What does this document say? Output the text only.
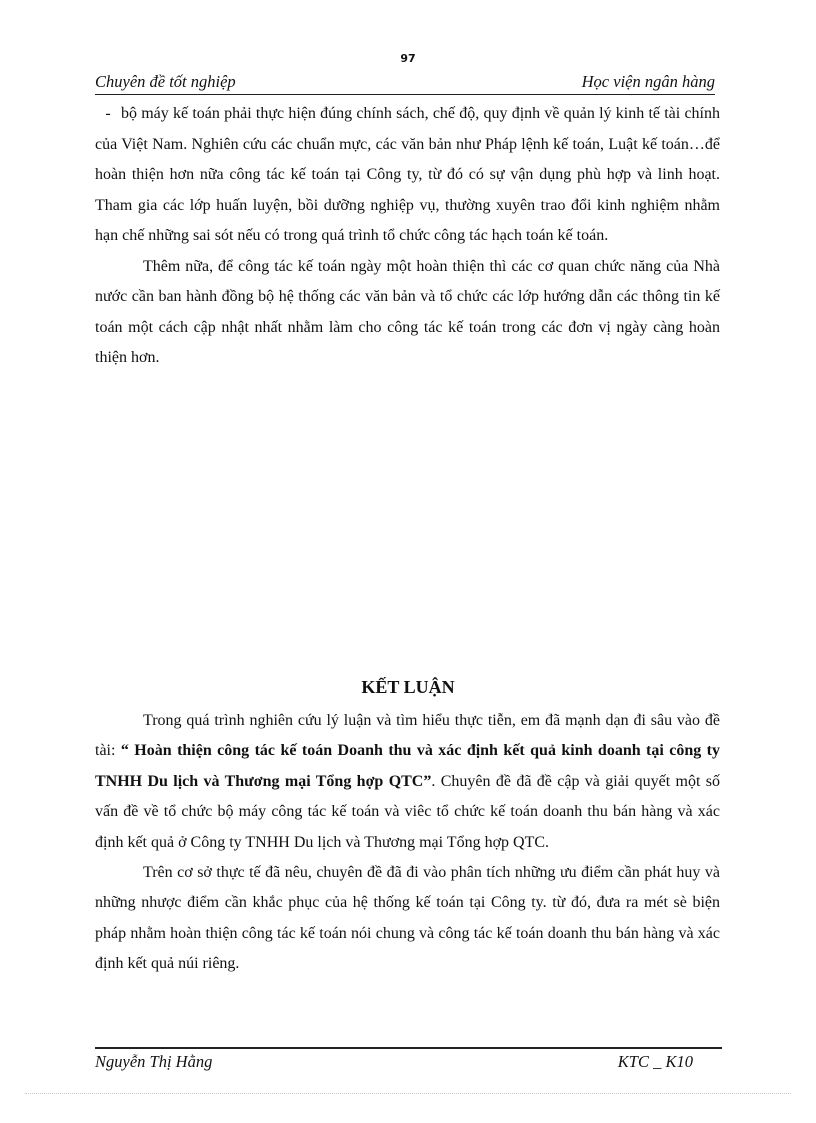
97
Chuyên đề tốt nghiệp	Học viện ngân hàng

- bộ máy kế toán phải thực hiện đúng chính sách, chế độ, quy định về quản lý kinh tế tài chính của Việt Nam. Nghiên cứu các chuẩn mực, các văn bản như Pháp lệnh kế toán, Luật kế toán…để hoàn thiện hơn nữa công tác kế toán tại Công ty, từ đó có sự vận dụng phù hợp và linh hoạt. Tham gia các lớp huấn luyện, bồi dưỡng nghiệp vụ, thường xuyên trao đổi kinh nghiệm nhằm hạn chế những sai sót nếu có trong quá trình tổ chức công tác hạch toán kế toán.

Thêm nữa, để công tác kế toán ngày một hoàn thiện thì các cơ quan chức năng của Nhà nước cần ban hành đồng bộ hệ thống các văn bản và tổ chức các lớp hướng dẫn các thông tin kế toán một cách cập nhật nhất nhằm làm cho công tác kế toán trong các đơn vị ngày càng hoàn thiện hơn.

KẾT LUẬN

Trong quá trình nghiên cứu lý luận và tìm hiểu thực tiễn, em đã mạnh dạn đi sâu vào đề tài: “ Hoàn thiện công tác kế toán Doanh thu và xác định kết quả kinh doanh tại công ty TNHH Du lịch và Thương mại Tổng hợp QTC”. Chuyên đề đã đề cập và giải quyết một số vấn đề về tổ chức bộ máy công tác kế toán và viêc tổ chức kế toán doanh thu bán hàng và xác định kết quả ở Công ty TNHH Du lịch và Thương mại Tổng hợp QTC.

Trên cơ sở thực tế đã nêu, chuyên đề đã đi vào phân tích những ưu điểm cần phát huy và những nhược điểm cần khắc phục của hệ thống kế toán tại Công ty. từ đó, đưa ra mét sè biện pháp nhằm hoàn thiện công tác kế toán nói chung và công tác kế toán doanh thu bán hàng và xác định kết quả núi riêng.

Nguyễn Thị Hằng	KTC _ K10
